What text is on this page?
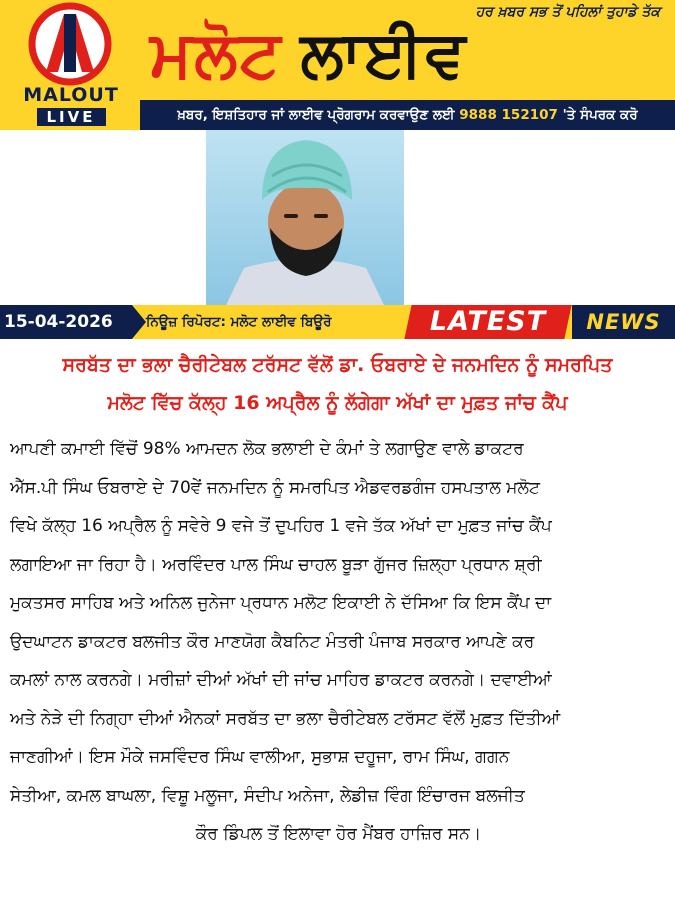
MALOUT
LIVE
ਹਰ ਖ਼ਬਰ ਸਭ ਤੋਂ ਪਹਿਲਾਂ ਤੁਹਾਡੇ ਤੱਕ
ਮਲੋਟ ਲਾਈਵ
ਖ਼ਬਰ, ਇਸ਼ਤਿਹਾਰ ਜਾਂ ਲਾਈਵ ਪ੍ਰੋਗਰਾਮ ਕਰਵਾਉਣ ਲਈ 9888 152107 'ਤੇ ਸੰਪਰਕ ਕਰੋ
15-04-2026	ਨਿਊਜ਼ ਰਿਪੋਰਟ: ਮਲੋਟ ਲਾਈਵ ਬਿਊਰੋ	LATEST	NEWS
ਸਰਬੱਤ ਦਾ ਭਲਾ ਚੈਰੀਟੇਬਲ ਟਰੱਸਟ ਵੱਲੋਂ ਡਾ. ਓਬਰਾਏ ਦੇ ਜਨਮਦਿਨ ਨੂੰ ਸਮਰਪਿਤ
ਮਲੋਟ ਵਿੱਚ ਕੱਲ੍ਹ 16 ਅਪ੍ਰੈਲ ਨੂੰ ਲੱਗੇਗਾ ਅੱਖਾਂ ਦਾ ਮੁਫ਼ਤ ਜਾਂਚ ਕੈਂਪ
ਆਪਣੀ ਕਮਾਈ ਵਿੱਚੋਂ 98% ਆਮਦਨ ਲੋਕ ਭਲਾਈ ਦੇ ਕੰਮਾਂ ਤੇ ਲਗਾਉਣ ਵਾਲੇ ਡਾਕਟਰ
ਐੱਸ.ਪੀ ਸਿੰਘ ਓਬਰਾਏ ਦੇ 70ਵੇਂ ਜਨਮਦਿਨ ਨੂੰ ਸਮਰਪਿਤ ਐਡਵਰਡਗੰਜ ਹਸਪਤਾਲ ਮਲੋਟ
ਵਿਖੇ ਕੱਲ੍ਹ 16 ਅਪ੍ਰੈਲ ਨੂੰ ਸਵੇਰੇ 9 ਵਜੇ ਤੋਂ ਦੁਪਹਿਰ 1 ਵਜੇ ਤੱਕ ਅੱਖਾਂ ਦਾ ਮੁਫ਼ਤ ਜਾਂਚ ਕੈਂਪ
ਲਗਾਇਆ ਜਾ ਰਿਹਾ ਹੈ। ਅਰਵਿੰਦਰ ਪਾਲ ਸਿੰਘ ਚਾਹਲ ਬੂੜਾ ਗੁੱਜਰ ਜ਼ਿਲ੍ਹਾ ਪ੍ਰਧਾਨ ਸ਼੍ਰੀ
ਮੁਕਤਸਰ ਸਾਹਿਬ ਅਤੇ ਅਨਿਲ ਜੁਨੇਜਾ ਪ੍ਰਧਾਨ ਮਲੋਟ ਇਕਾਈ ਨੇ ਦੱਸਿਆ ਕਿ ਇਸ ਕੈਂਪ ਦਾ
ਉਦਘਾਟਨ ਡਾਕਟਰ ਬਲਜੀਤ ਕੌਰ ਮਾਣਯੋਗ ਕੈਬਨਿਟ ਮੰਤਰੀ ਪੰਜਾਬ ਸਰਕਾਰ ਆਪਣੇ ਕਰ
ਕਮਲਾਂ ਨਾਲ ਕਰਨਗੇ। ਮਰੀਜ਼ਾਂ ਦੀਆਂ ਅੱਖਾਂ ਦੀ ਜਾਂਚ ਮਾਹਿਰ ਡਾਕਟਰ ਕਰਨਗੇ। ਦਵਾਈਆਂ
ਅਤੇ ਨੇੜੇ ਦੀ ਨਿਗ੍ਹਾ ਦੀਆਂ ਐਨਕਾਂ ਸਰਬੱਤ ਦਾ ਭਲਾ ਚੈਰੀਟੇਬਲ ਟਰੱਸਟ ਵੱਲੋਂ ਮੁਫ਼ਤ ਦਿੱਤੀਆਂ
ਜਾਣਗੀਆਂ। ਇਸ ਮੌਕੇ ਜਸਵਿੰਦਰ ਸਿੰਘ ਵਾਲੀਆ, ਸੁਭਾਸ਼ ਦਹੂਜਾ, ਰਾਮ ਸਿੰਘ, ਗਗਨ
ਸੇਤੀਆ, ਕਮਲ ਬਾਘਲਾ, ਵਿਸ਼ੂ ਮਲੂਜਾ, ਸੰਦੀਪ ਅਨੇਜਾ, ਲੇਡੀਜ਼ ਵਿੰਗ ਇੰਚਾਰਜ ਬਲਜੀਤ
ਕੌਰ ਡਿੰਪਲ ਤੋਂ ਇਲਾਵਾ ਹੋਰ ਮੈਂਬਰ ਹਾਜ਼ਿਰ ਸਨ।
